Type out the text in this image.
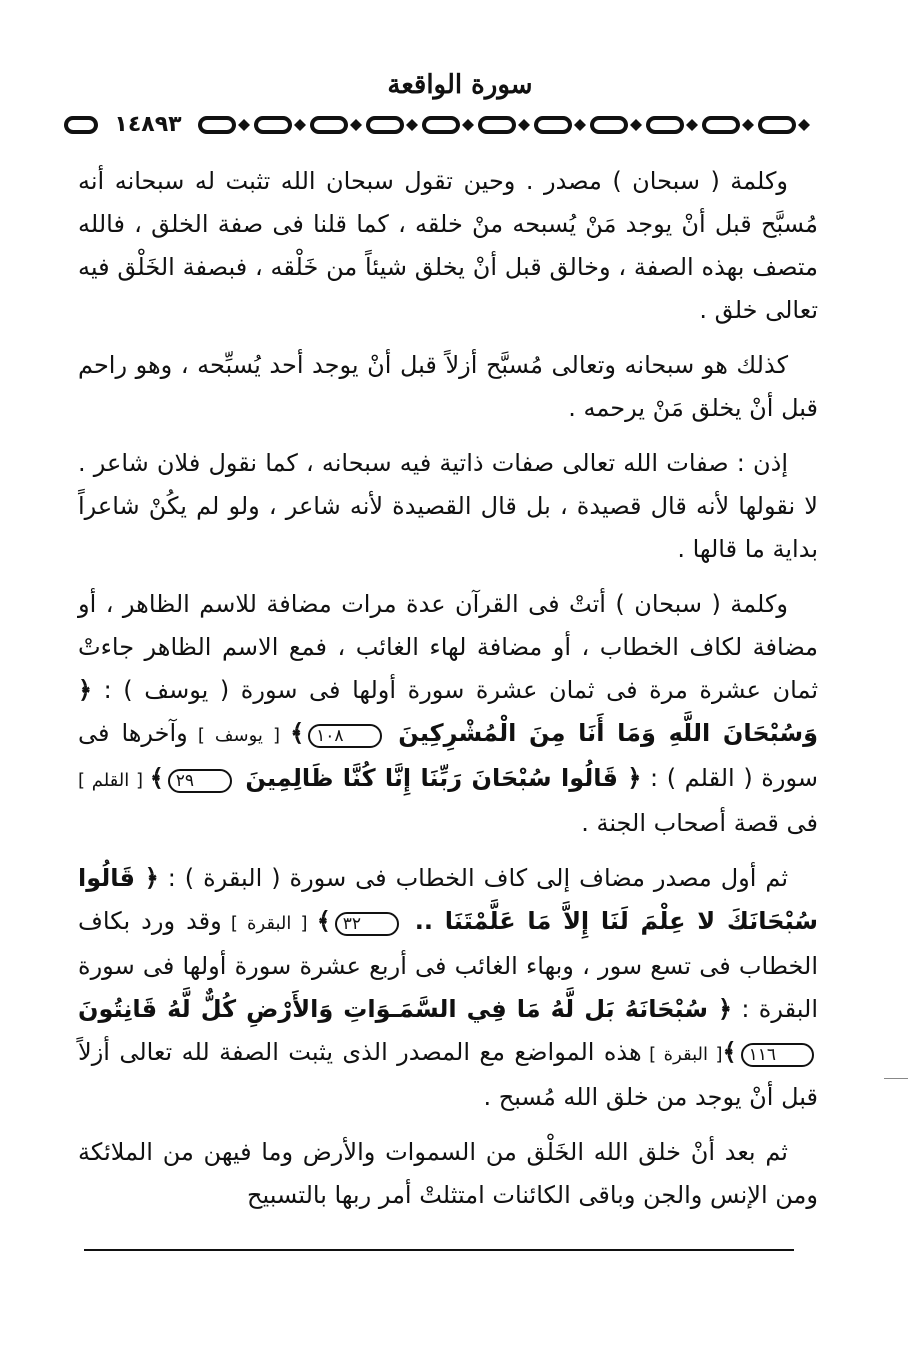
سورة الواقعة
١٤٨٩٣

وكلمة ( سبحان ) مصدر . وحين تقول سبحان الله تثبت له سبحانه أنه مُسبَّح قبل أنْ يوجد مَنْ يُسبحه منْ خلقه ، كما قلنا فى صفة الخلق ، فالله متصف بهذه الصفة ، وخالق قبل أنْ يخلق شيئاً من خَلْقه ، فبصفة الخَلْق فيه تعالى خلق .

كذلك هو سبحانه وتعالى مُسبَّح أزلاً قبل أنْ يوجد أحد يُسبِّحه ، وهو راحم قبل أنْ يخلق مَنْ يرحمه .

إذن : صفات الله تعالى صفات ذاتية فيه سبحانه ، كما نقول فلان شاعر . لا نقولها لأنه قال قصيدة ، بل قال القصيدة لأنه شاعر ، ولو لم يكُنْ شاعراً بداية ما قالها .

وكلمة ( سبحان ) أتتْ فى القرآن عدة مرات مضافة للاسم الظاهر ، أو مضافة لكاف الخطاب ، أو مضافة لهاء الغائب ، فمع الاسم الظاهر جاءتْ ثمان عشرة مرة فى ثمان عشرة سورة أولها فى سورة ( يوسف ) : ﴿ وَسُبْحَانَ اللَّهِ وَمَا أَنَا مِنَ الْمُشْرِكِينَ ١٠٨﴾ [ يوسف ] وآخرها فى سورة ( القلم ) : ﴿ قَالُوا سُبْحَانَ رَبِّنَا إِنَّا كُنَّا ظَالِمِينَ ٢٩﴾ [ القلم ] فى قصة أصحاب الجنة .

ثم أول مصدر مضاف إلى كاف الخطاب فى سورة ( البقرة ) : ﴿ قَالُوا سُبْحَانَكَ لا عِلْمَ لَنَا إِلاَّ مَا عَلَّمْتَنَا .. ٣٢﴾ [ البقرة ] وقد ورد بكاف الخطاب فى تسع سور ، وبهاء الغائب فى أربع عشرة سورة أولها فى سورة البقرة : ﴿ سُبْحَانَهُ بَل لَّهُ مَا فِي السَّمَـوَاتِ وَالأَرْضِ كُلٌّ لَّهُ قَانِتُونَ ١١٦﴾[ البقرة ] هذه المواضع مع المصدر الذى يثبت الصفة لله تعالى أزلاً قبل أنْ يوجد من خلق الله مُسبح .

ثم بعد أنْ خلق الله الخَلْق من السموات والأرض وما فيهن من الملائكة ومن الإنس والجن وباقى الكائنات امتثلتْ أمر ربها بالتسبيح
